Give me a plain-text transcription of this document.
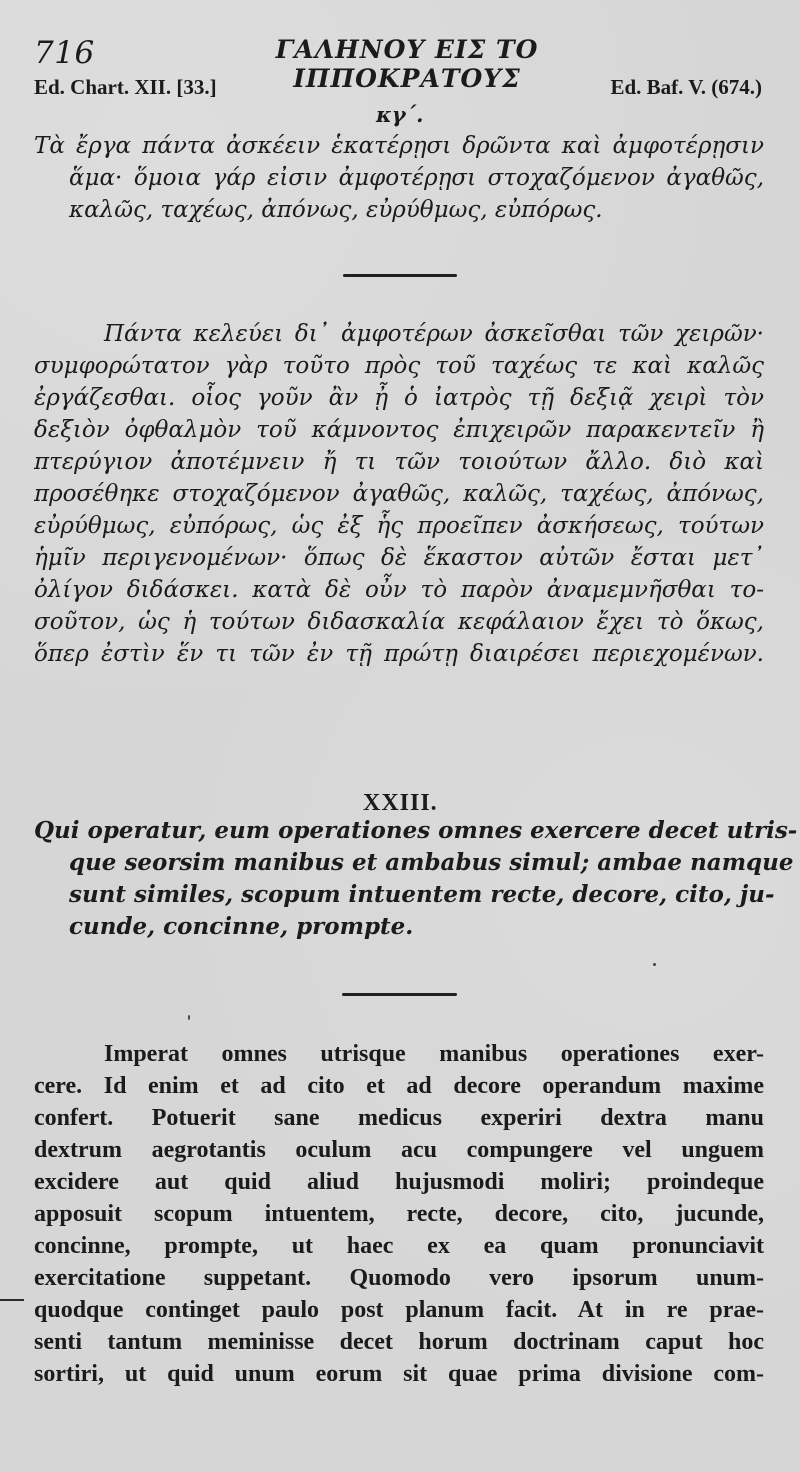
716	ΓΑΛΗΝΟΥ ΕΙΣ ΤΟ ΙΠΠΟΚΡΑΤΟΥΣ
Ed. Chart. XII. [33.]	Ed. Baf. V. (674.)
κγ΄.
Τὰ ἔργα πάντα ἀσκέειν ἑκατέρῃσι δρῶντα καὶ ἀμφοτέρῃσιν
ἅμα· ὅμοια γάρ εἰσιν ἀμφοτέρῃσι στοχαζόμενον ἀγαθῶς,
καλῶς, ταχέως, ἀπόνως, εὐρύθμως, εὐπόρως.
Πάντα κελεύει δι᾽ ἀμφοτέρων ἀσκεῖσθαι τῶν χειρῶν·
συμφορώτατον γὰρ τοῦτο πρὸς τοῦ ταχέως τε καὶ καλῶς
ἐργάζεσθαι. οἷος γοῦν ἂν ᾖ ὁ ἰατρὸς τῇ δεξιᾷ χειρὶ τὸν
δεξιὸν ὀφθαλμὸν τοῦ κάμνοντος ἐπιχειρῶν παρακεντεῖν ἢ
πτερύγιον ἀποτέμνειν ἤ τι τῶν τοιούτων ἄλλο. διὸ καὶ
προσέθηκε στοχαζόμενον ἀγαθῶς, καλῶς, ταχέως, ἀπόνως,
εὐρύθμως, εὐπόρως, ὡς ἐξ ἧς προεῖπεν ἀσκήσεως, τούτων
ἡμῖν περιγενομένων· ὅπως δὲ ἕκαστον αὐτῶν ἔσται μετ᾽
ὀλίγον διδάσκει. κατὰ δὲ οὖν τὸ παρὸν ἀναμεμνῆσθαι το-
σοῦτον, ὡς ἡ τούτων διδασκαλία κεφάλαιον ἔχει τὸ ὅκως,
ὅπερ ἐστὶν ἕν τι τῶν ἐν τῇ πρώτῃ διαιρέσει περιεχομένων.
XXIII.
Qui operatur, eum operationes omnes exercere decet utris-
que seorsim manibus et ambabus simul; ambae namque
sunt similes, scopum intuentem recte, decore, cito, ju-
cunde, concinne, prompte.
Imperat omnes utrisque manibus operationes exer-
cere. Id enim et ad cito et ad decore operandum maxime
confert. Potuerit sane medicus experiri dextra manu
dextrum aegrotantis oculum acu compungere vel unguem
excidere aut quid aliud hujusmodi moliri; proindeque
apposuit scopum intuentem, recte, decore, cito, jucunde,
concinne, prompte, ut haec ex ea quam pronunciavit
exercitatione suppetant. Quomodo vero ipsorum unum-
quodque continget paulo post planum facit. At in re prae-
senti tantum meminisse decet horum doctrinam caput hoc
sortiri, ut quid unum eorum sit quae prima divisione com-
